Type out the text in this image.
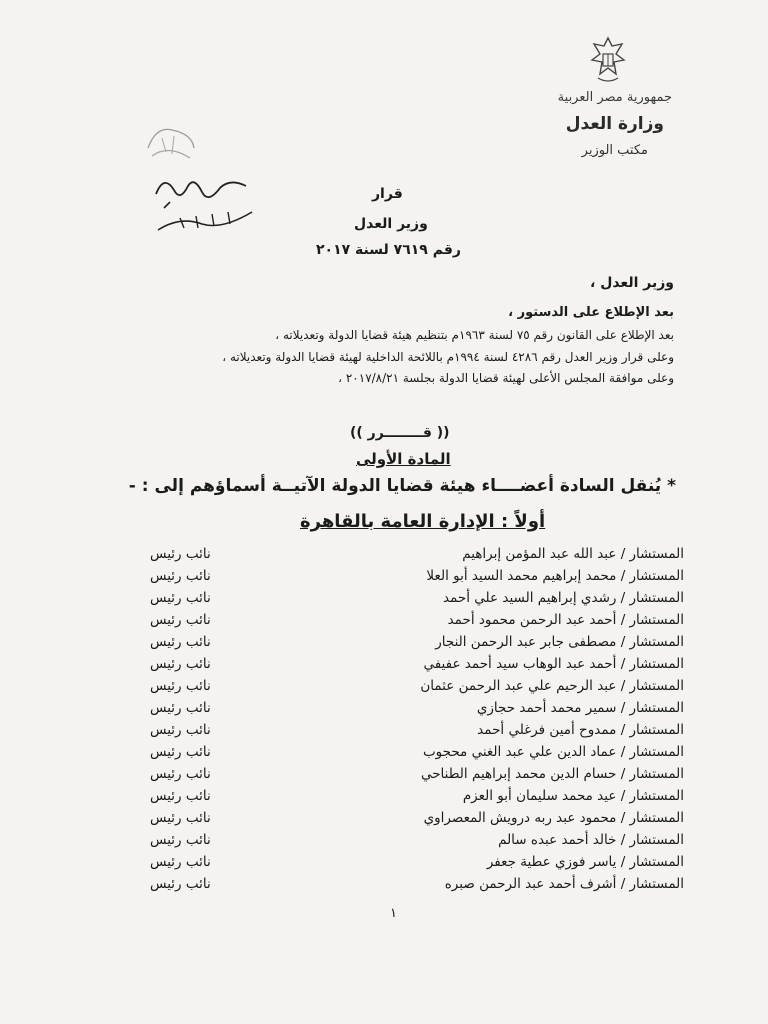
جمهورية مصر العربية
وزارة العدل
مكتب الوزير
قرار
وزير العدل
رقم ٧٦١٩ لسنة ٢٠١٧
وزير العدل ،
بعد الإطلاع على الدستور ،
بعد الإطلاع على القانون رقم ٧٥ لسنة ١٩٦٣م بتنظيم هيئة قضايا الدولة وتعديلاته ،
وعلى قرار وزير العدل رقم ٤٢٨٦ لسنة ١٩٩٤م باللائحة الداخلية لهيئة قضايا الدولة وتعديلاته ،
وعلى موافقة المجلس الأعلى لهيئة قضايا الدولة بجلسة ٢٠١٧/٨/٢١ ،
(( قــــــــرر ))
المادة الأولى
* يُنقل السادة أعضــــاء هيئة قضايا الدولة الآتيــة أسماؤهم إلى : -
أولاً : الإدارة العامة بالقاهرة
المستشار / عبد الله عبد المؤمن إبراهيم
نائب رئيس
المستشار / محمد إبراهيم محمد السيد أبو العلا
نائب رئيس
المستشار / رشدي إبراهيم السيد علي أحمد
نائب رئيس
المستشار / أحمد عبد الرحمن محمود أحمد
نائب رئيس
المستشار / مصطفى جابر عبد الرحمن النجار
نائب رئيس
المستشار / أحمد عبد الوهاب سيد أحمد عفيفي
نائب رئيس
المستشار / عبد الرحيم علي عبد الرحمن عثمان
نائب رئيس
المستشار / سمير محمد أحمد حجازي
نائب رئيس
المستشار / ممدوح أمين فرغلي أحمد
نائب رئيس
المستشار / عماد الدين علي عبد الغني محجوب
نائب رئيس
المستشار / حسام الدين محمد إبراهيم الطناحي
نائب رئيس
المستشار / عيد محمد سليمان أبو العزم
نائب رئيس
المستشار / محمود عبد ربه درويش المعصراوي
نائب رئيس
المستشار / خالد أحمد عبده سالم
نائب رئيس
المستشار / ياسر فوزي عطية جعفر
نائب رئيس
المستشار / أشرف أحمد عبد الرحمن صبره
نائب رئيس
١
